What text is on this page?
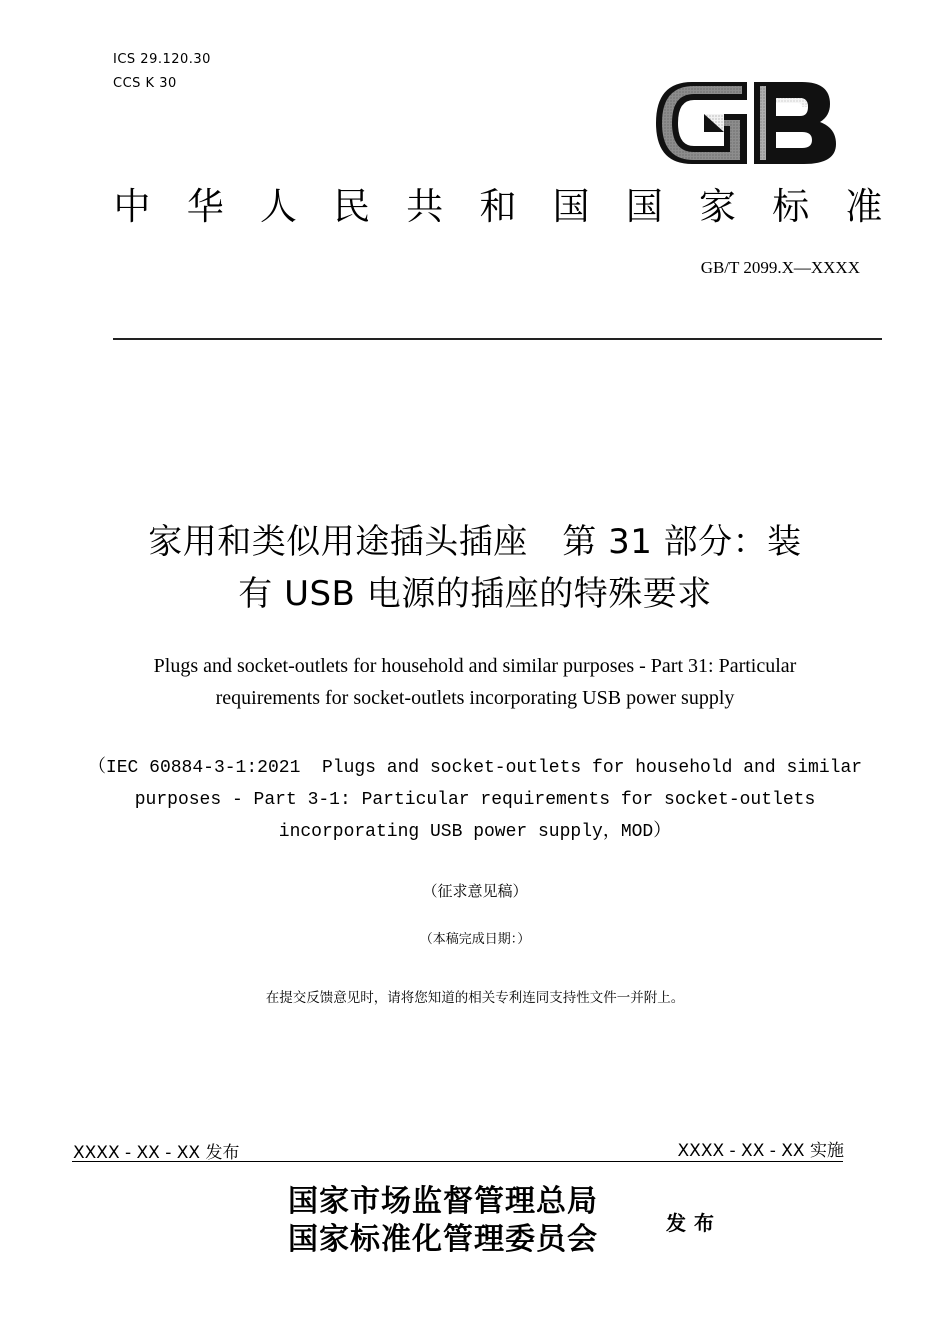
ICS 29.120.30
CCS K 30
中 华 人 民 共 和 国 国 家 标 准
GB/T 2099.X—XXXX
家用和类似用途插头插座　第 31 部分：装
有 USB 电源的插座的特殊要求
Plugs and socket-outlets for household and similar purposes - Part 31: Particular
requirements for socket-outlets incorporating USB power supply
（IEC 60884-3-1:2021  Plugs and socket-outlets for household and similar
purposes - Part 3-1: Particular requirements for socket-outlets
incorporating USB power supply，MOD）
（征求意见稿）
（本稿完成日期：）
在提交反馈意见时，请将您知道的相关专利连同支持性文件一并附上。
XXXX - XX - XX 发布	XXXX - XX - XX 实施
国家市场监督管理总局
国家标准化管理委员会	发布
